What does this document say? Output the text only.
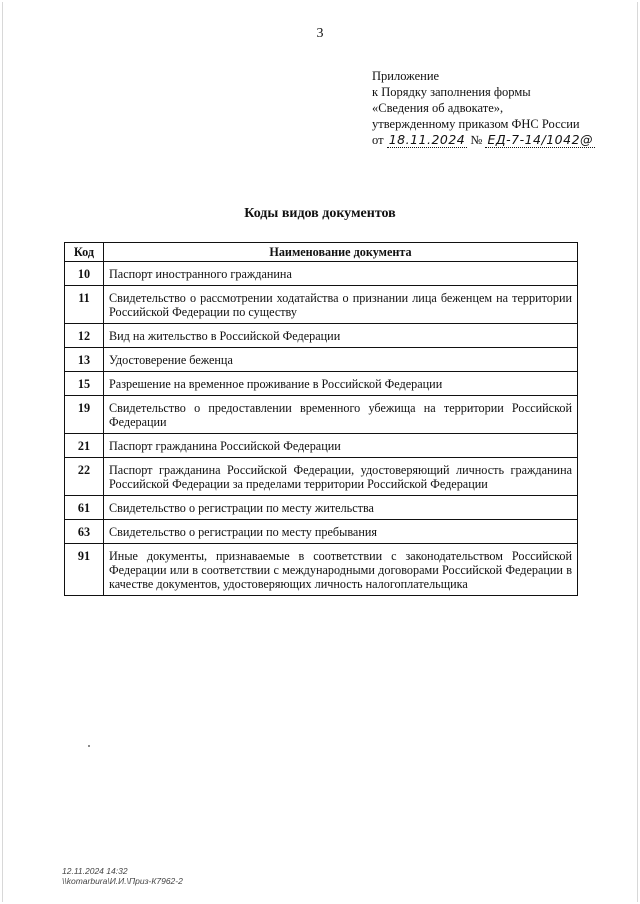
3
Приложение
к Порядку заполнения формы
«Сведения об адвокате»,
утвержденному приказом ФНС России
от 18.11.2024 № ЕД-7-14/1042@
Коды видов документов
Код	Наименование документа
10	Паспорт иностранного гражданина
11	Свидетельство о рассмотрении ходатайства о признании лица беженцем на территории Российской Федерации по существу
12	Вид на жительство в Российской Федерации
13	Удостоверение беженца
15	Разрешение на временное проживание в Российской Федерации
19	Свидетельство о предоставлении временного убежища на территории Российской Федерации
21	Паспорт гражданина Российской Федерации
22	Паспорт гражданина Российской Федерации, удостоверяющий личность гражданина Российской Федерации за пределами территории Российской Федерации
61	Свидетельство о регистрации по месту жительства
63	Свидетельство о регистрации по месту пребывания
91	Иные документы, признаваемые в соответствии с законодательством Российской Федерации или в соответствии с международными договорами Российской Федерации в качестве документов, удостоверяющих личность налогоплательщика
12.11.2024 14:32
\\komarbura\И.И.\Приз-К7962-2
